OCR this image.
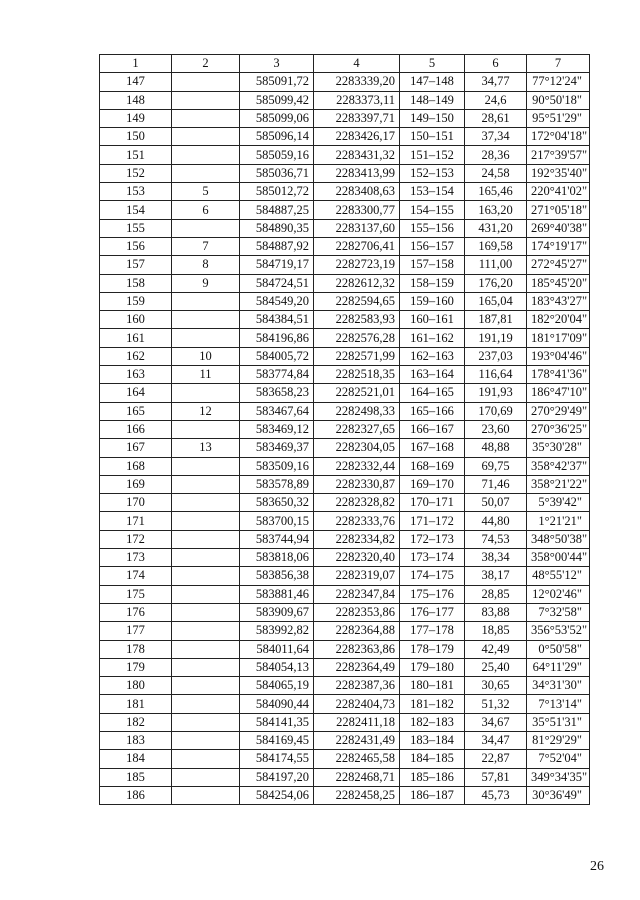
1	2	3	4	5	6	7
147		585091,72	2283339,20	147–148	34,77	77°12'24"
148		585099,42	2283373,11	148–149	24,6	90°50'18"
149		585099,06	2283397,71	149–150	28,61	95°51'29"
150		585096,14	2283426,17	150–151	37,34	172°04'18"
151		585059,16	2283431,32	151–152	28,36	217°39'57"
152		585036,71	2283413,99	152–153	24,58	192°35'40"
153	5	585012,72	2283408,63	153–154	165,46	220°41'02"
154	6	584887,25	2283300,77	154–155	163,20	271°05'18"
155		584890,35	2283137,60	155–156	431,20	269°40'38"
156	7	584887,92	2282706,41	156–157	169,58	174°19'17"
157	8	584719,17	2282723,19	157–158	111,00	272°45'27"
158	9	584724,51	2282612,32	158–159	176,20	185°45'20"
159		584549,20	2282594,65	159–160	165,04	183°43'27"
160		584384,51	2282583,93	160–161	187,81	182°20'04"
161		584196,86	2282576,28	161–162	191,19	181°17'09"
162	10	584005,72	2282571,99	162–163	237,03	193°04'46"
163	11	583774,84	2282518,35	163–164	116,64	178°41'36"
164		583658,23	2282521,01	164–165	191,93	186°47'10"
165	12	583467,64	2282498,33	165–166	170,69	270°29'49"
166		583469,12	2282327,65	166–167	23,60	270°36'25"
167	13	583469,37	2282304,05	167–168	48,88	35°30'28"
168		583509,16	2282332,44	168–169	69,75	358°42'37"
169		583578,89	2282330,87	169–170	71,46	358°21'22"
170		583650,32	2282328,82	170–171	50,07	5°39'42"
171		583700,15	2282333,76	171–172	44,80	1°21'21"
172		583744,94	2282334,82	172–173	74,53	348°50'38"
173		583818,06	2282320,40	173–174	38,34	358°00'44"
174		583856,38	2282319,07	174–175	38,17	48°55'12"
175		583881,46	2282347,84	175–176	28,85	12°02'46"
176		583909,67	2282353,86	176–177	83,88	7°32'58"
177		583992,82	2282364,88	177–178	18,85	356°53'52"
178		584011,64	2282363,86	178–179	42,49	0°50'58"
179		584054,13	2282364,49	179–180	25,40	64°11'29"
180		584065,19	2282387,36	180–181	30,65	34°31'30"
181		584090,44	2282404,73	181–182	51,32	7°13'14"
182		584141,35	2282411,18	182–183	34,67	35°51'31"
183		584169,45	2282431,49	183–184	34,47	81°29'29"
184		584174,55	2282465,58	184–185	22,87	7°52'04"
185		584197,20	2282468,71	185–186	57,81	349°34'35"
186		584254,06	2282458,25	186–187	45,73	30°36'49"
26
